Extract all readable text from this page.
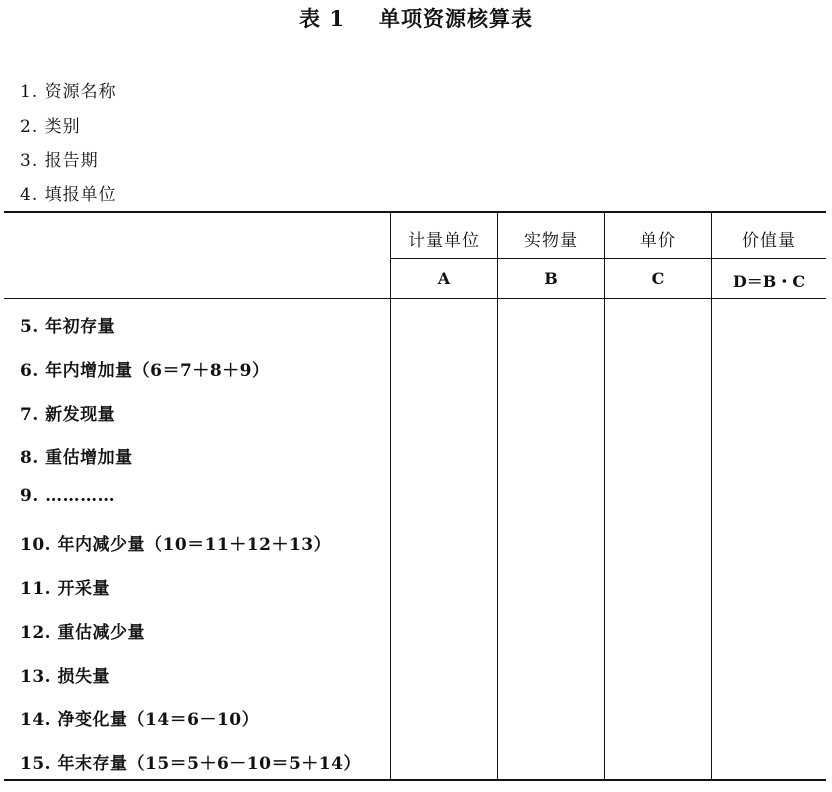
表 1 单项资源核算表
1. 资源名称
2. 类别
3. 报告期
4. 填报单位
计量单位	实物量	单价	价值量
A	B	C	D＝B・C
5. 年初存量
6. 年内增加量（6＝7＋8＋9）
7. 新发现量
8. 重估增加量
9. …………
10. 年内减少量（10＝11＋12＋13）
11. 开采量
12. 重估减少量
13. 损失量
14. 净变化量（14＝6－10）
15. 年末存量（15＝5＋6－10＝5＋14）
